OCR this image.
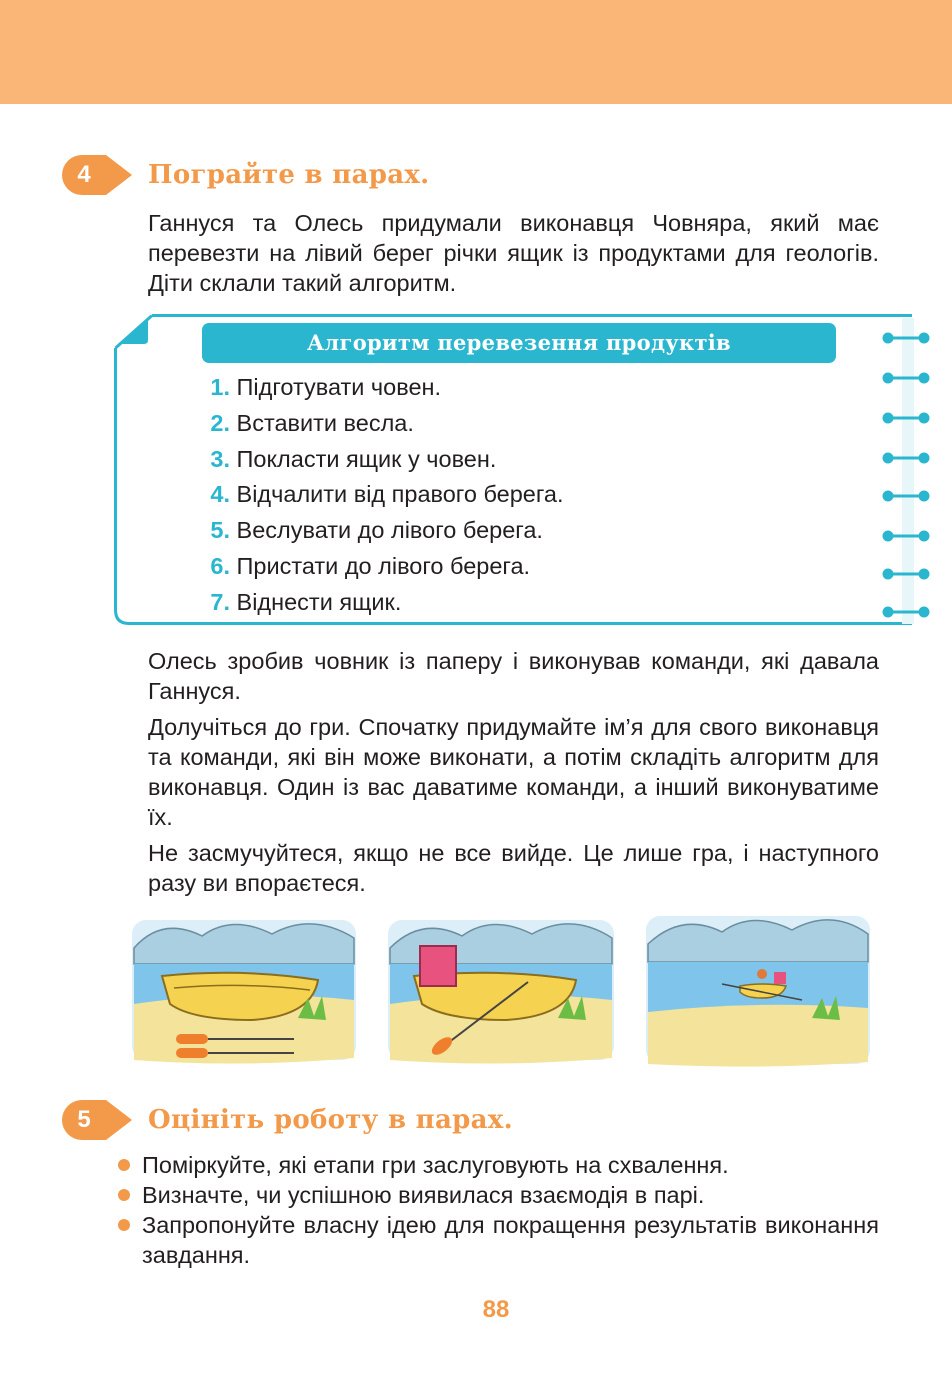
4	Пограйте в парах.

Ганнуся та Олесь придумали виконавця Човняра, який має перевезти на лівий берег річки ящик із продуктами для геологів. Діти склали такий алгоритм.

Алгоритм перевезення продуктів
1. Підготувати човен.
2. Вставити весла.
3. Покласти ящик у човен.
4. Відчалити від правого берега.
5. Веслувати до лівого берега.
6. Пристати до лівого берега.
7. Віднести ящик.

Олесь зробив човник із паперу і виконував команди, які давала Ганнуся.

Долучіться до гри. Спочатку придумайте ім’я для свого виконавця та команди, які він може виконати, а потім складіть алгоритм для виконавця. Один із вас даватиме команди, а інший виконуватиме їх.

Не засмучуйтеся, якщо не все вийде. Це лише гра, і наступного разу ви впораєтеся.

5	Оцініть роботу в парах.
Поміркуйте, які етапи гри заслуговують на схвалення.
Визначте, чи успішною виявилася взаємодія в парі.
Запропонуйте власну ідею для покращення результатів виконання завдання.
88
